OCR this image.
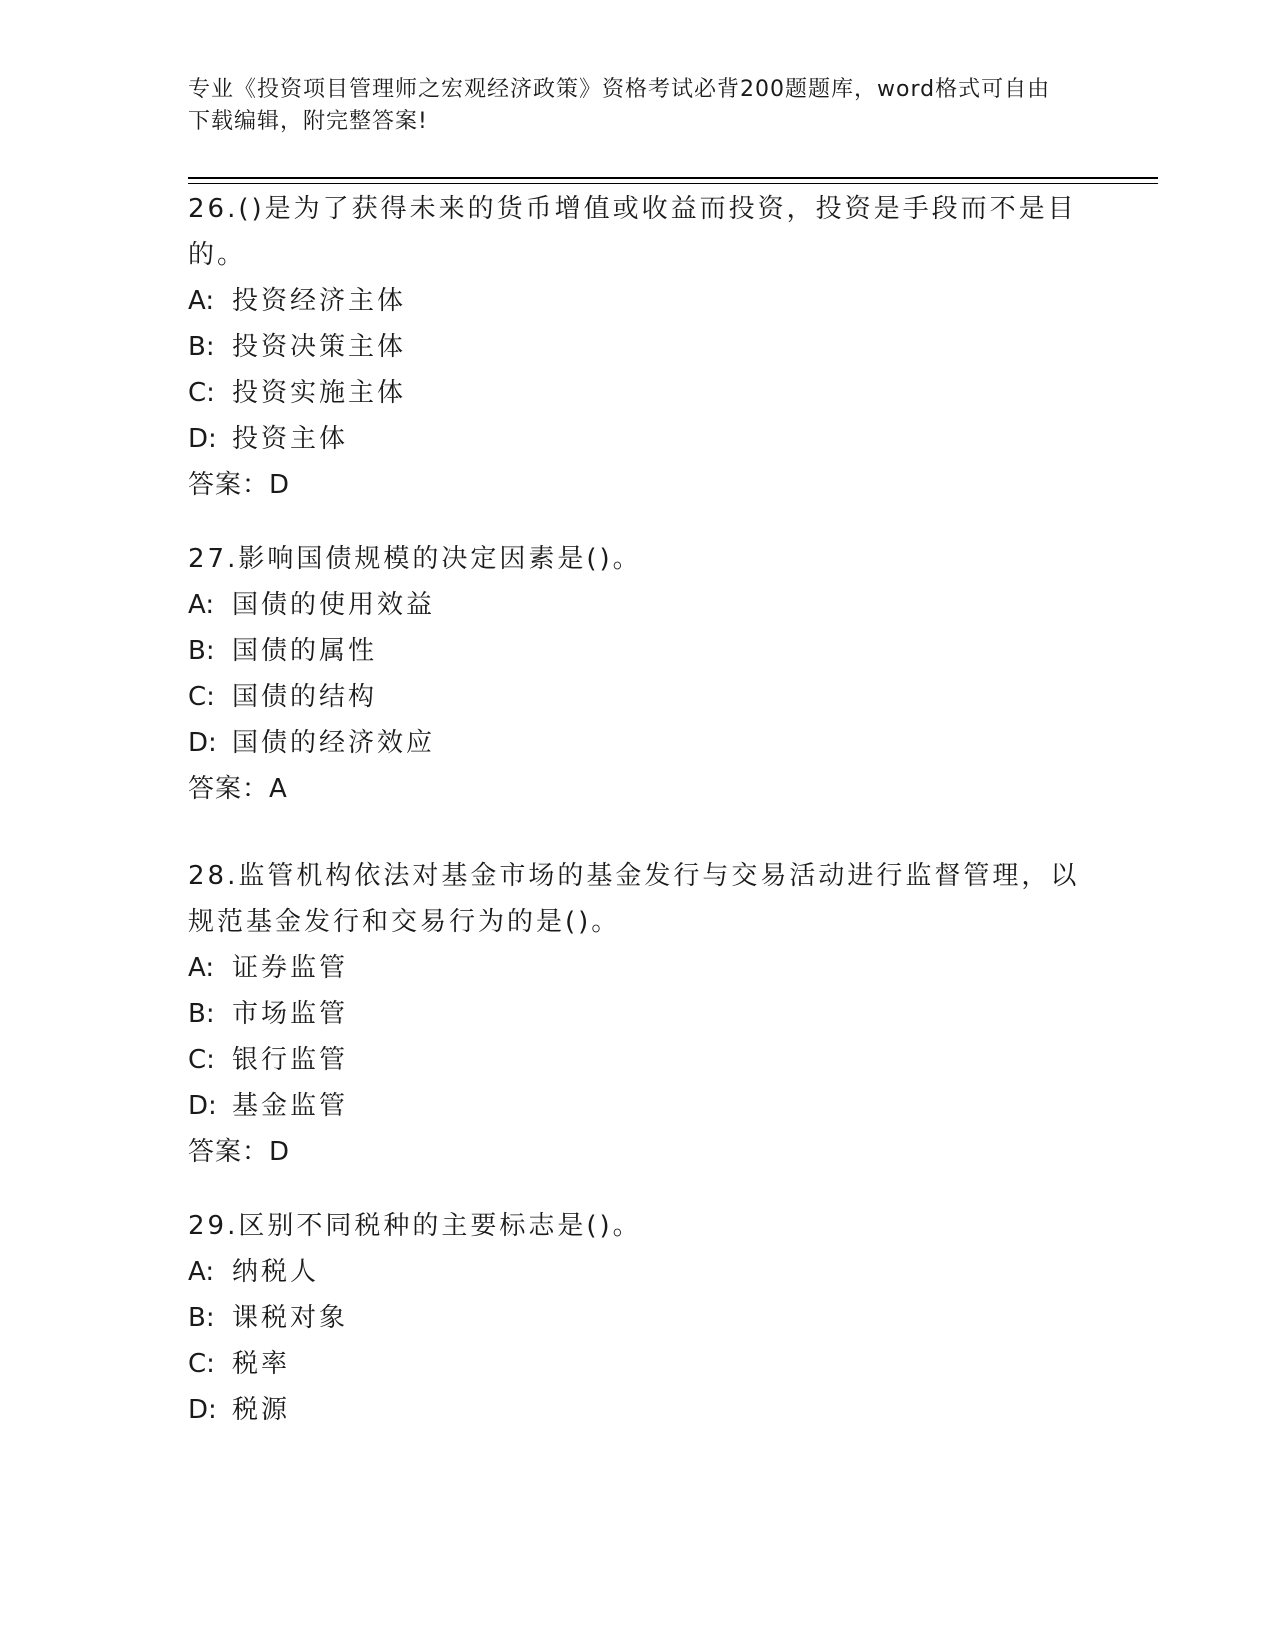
专业《投资项目管理师之宏观经济政策》资格考试必背200题题库，word格式可自由下载编辑，附完整答案!

26.()是为了获得未来的货币增值或收益而投资，投资是手段而不是目的。

A: 投资经济主体

B: 投资决策主体

C: 投资实施主体

D: 投资主体

答案：D

27.影响国债规模的决定因素是()。

A: 国债的使用效益

B: 国债的属性

C: 国债的结构

D: 国债的经济效应

答案：A

28.监管机构依法对基金市场的基金发行与交易活动进行监督管理，以规范基金发行和交易行为的是()。

A: 证券监管

B: 市场监管

C: 银行监管

D: 基金监管

答案：D

29.区别不同税种的主要标志是()。

A: 纳税人

B: 课税对象

C: 税率

D: 税源
